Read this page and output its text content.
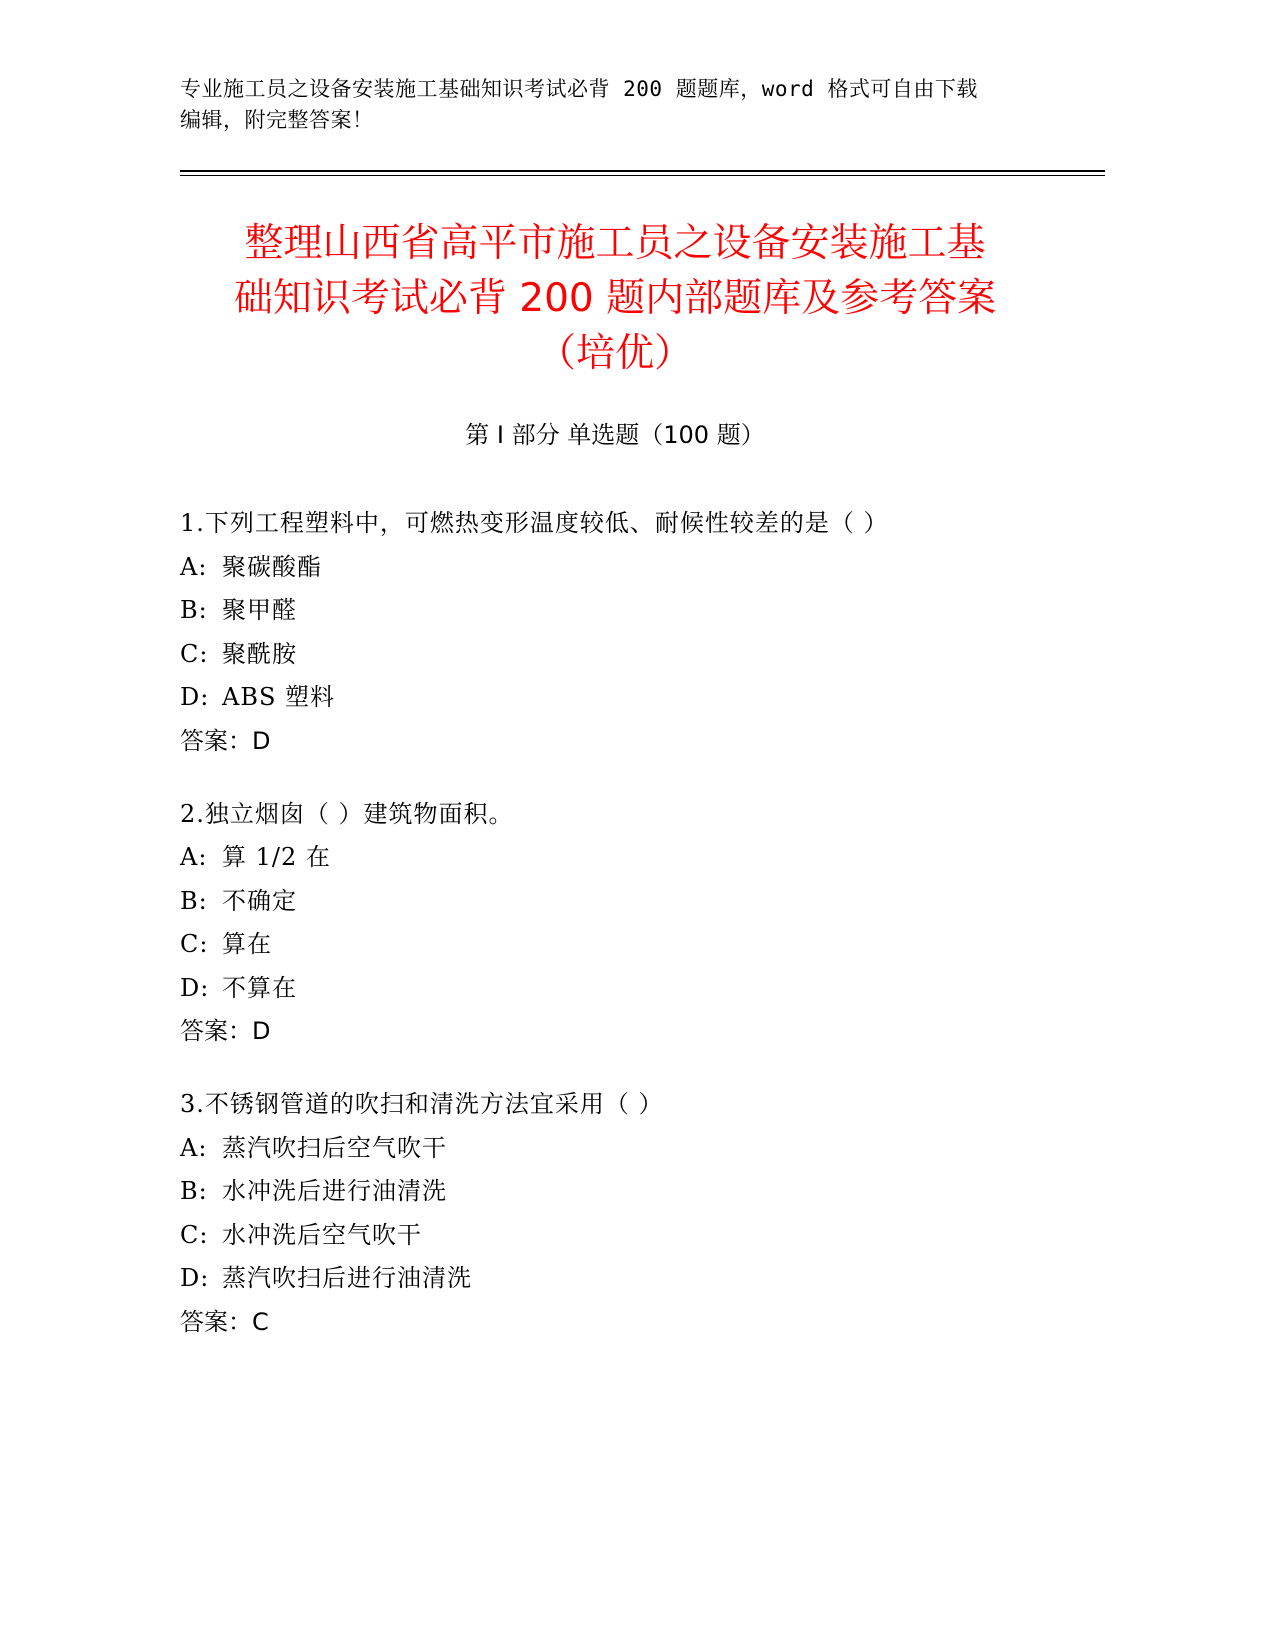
专业施工员之设备安装施工基础知识考试必背 200 题题库，word 格式可自由下载
编辑，附完整答案！
整理山西省高平市施工员之设备安装施工基
础知识考试必背 200 题内部题库及参考答案
（培优）
第 I 部分 单选题（100 题）
1.下列工程塑料中，可燃热变形温度较低、耐候性较差的是（ ）
A: 聚碳酸酯
B: 聚甲醛
C: 聚酰胺
D: ABS 塑料
答案：D
2.独立烟囱（ ）建筑物面积。
A: 算 1/2 在
B: 不确定
C: 算在
D: 不算在
答案：D
3.不锈钢管道的吹扫和清洗方法宜采用（ ）
A: 蒸汽吹扫后空气吹干
B: 水冲洗后进行油清洗
C: 水冲洗后空气吹干
D: 蒸汽吹扫后进行油清洗
答案：C
